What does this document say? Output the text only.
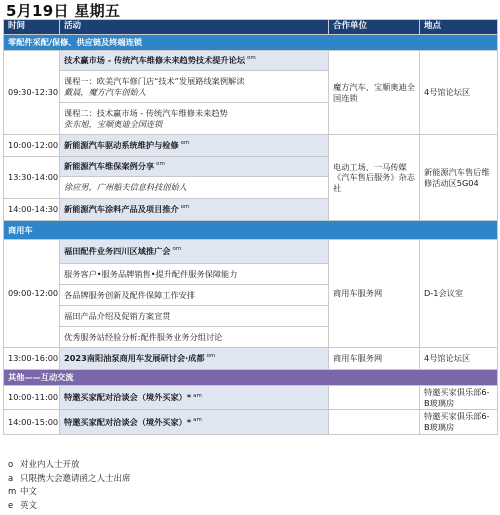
5月19日 星期五
时间	活动	合作单位	地点
零配件采配/保修、供应链及终端连锁			
09:30-12:30	技术赢市场 - 传统汽车维修未来趋势技术提升论坛 $^{om}$	魔方汽车、宝顺奥迪全国连锁	4号馆论坛区

	课程一：欧美汽车修门店“技术”发展路线案例解读
戴晨，魔方汽车创始人		

	课程二：技术赢市场 - 传统汽车维修未来趋势
张东旭，宝顺奥迪全国连锁		

10:00-12:00	新能源汽车驱动系统维护与检修 $^{om}$	电动工场、一马传媒《汽车售后服务》杂志社	新能源汽车售后维修活动区5G04
13:30-14:00	新能源汽车维保案例分享 $^{om}$
	徐应男，广州船夫信息科技创始人		
14:00-14:30	新能源汽车涂料产品及项目推介 $^{om}$
商用车			
09:00-12:00	福田配件业务四川区域推广会 $^{om}$	商用车服务网	D-1会议室
	服务客户•服务品牌销售•提升配件服务保障能力		
	各品牌服务创新及配件保障工作安排		
	福田产品介绍及促销方案宣贯		
	优秀服务站经验分析:配件服务业务分组讨论		
13:00-16:00	2023南阳油泵商用车发展研讨会·成都 $^{om}$	商用车服务网	4号馆论坛区
其他——互动交流			
10:00-11:00	特邀买家配对洽谈会（境外买家）* $^{am}$		特邀买家俱乐部6-B玻璃房
14:00-15:00	特邀买家配对洽谈会（境外买家）* $^{am}$		特邀买家俱乐部6-B玻璃房
o 对业内人士开放
a 只限携大会邀请函之人士出席
m 中文
e 英文
